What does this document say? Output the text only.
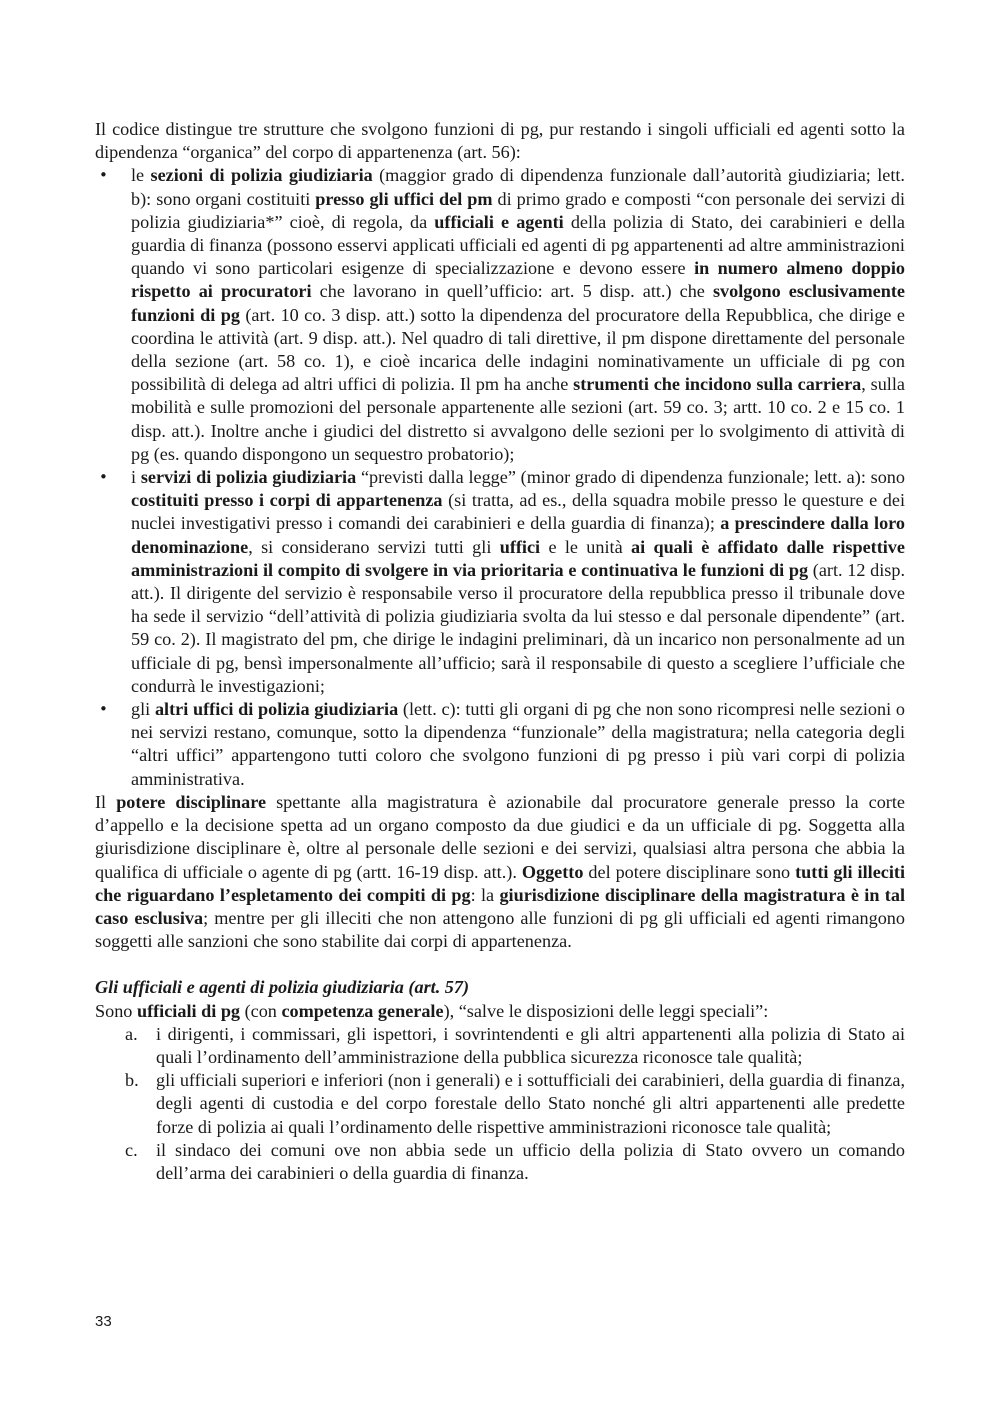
Il codice distingue tre strutture che svolgono funzioni di pg, pur restando i singoli ufficiali ed agenti sotto la dipendenza “organica” del corpo di appartenenza (art. 56):

• le sezioni di polizia giudiziaria (maggior grado di dipendenza funzionale dall’autorità giudiziaria; lett. b): sono organi costituiti presso gli uffici del pm di primo grado e composti “con personale dei servizi di polizia giudiziaria*” cioè, di regola, da ufficiali e agenti della polizia di Stato, dei carabinieri e della guardia di finanza (possono esservi applicati ufficiali ed agenti di pg appartenenti ad altre amministrazioni quando vi sono particolari esigenze di specializzazione e devono essere in numero almeno doppio rispetto ai procuratori che lavorano in quell’ufficio: art. 5 disp. att.) che svolgono esclusivamente funzioni di pg (art. 10 co. 3 disp. att.) sotto la dipendenza del procuratore della Repubblica, che dirige e coordina le attività (art. 9 disp. att.). Nel quadro di tali direttive, il pm dispone direttamente del personale della sezione (art. 58 co. 1), e cioè incarica delle indagini nominativamente un ufficiale di pg con possibilità di delega ad altri uffici di polizia. Il pm ha anche strumenti che incidono sulla carriera, sulla mobilità e sulle promozioni del personale appartenente alle sezioni (art. 59 co. 3; artt. 10 co. 2 e 15 co. 1 disp. att.). Inoltre anche i giudici del distretto si avvalgono delle sezioni per lo svolgimento di attività di pg (es. quando dispongono un sequestro probatorio);
• i servizi di polizia giudiziaria “previsti dalla legge” (minor grado di dipendenza funzionale; lett. a): sono costituiti presso i corpi di appartenenza (si tratta, ad es., della squadra mobile presso le questure e dei nuclei investigativi presso i comandi dei carabinieri e della guardia di finanza); a prescindere dalla loro denominazione, si considerano servizi tutti gli uffici e le unità ai quali è affidato dalle rispettive amministrazioni il compito di svolgere in via prioritaria e continuativa le funzioni di pg (art. 12 disp. att.). Il dirigente del servizio è responsabile verso il procuratore della repubblica presso il tribunale dove ha sede il servizio “dell’attività di polizia giudiziaria svolta da lui stesso e dal personale dipendente” (art. 59 co. 2). Il magistrato del pm, che dirige le indagini preliminari, dà un incarico non personalmente ad un ufficiale di pg, bensì impersonalmente all’ufficio; sarà il responsabile di questo a scegliere l’ufficiale che condurrà le investigazioni;
• gli altri uffici di polizia giudiziaria (lett. c): tutti gli organi di pg che non sono ricompresi nelle sezioni o nei servizi restano, comunque, sotto la dipendenza “funzionale” della magistratura; nella categoria degli “altri uffici” appartengono tutti coloro che svolgono funzioni di pg presso i più vari corpi di polizia amministrativa.

Il potere disciplinare spettante alla magistratura è azionabile dal procuratore generale presso la corte d’appello e la decisione spetta ad un organo composto da due giudici e da un ufficiale di pg. Soggetta alla giurisdizione disciplinare è, oltre al personale delle sezioni e dei servizi, qualsiasi altra persona che abbia la qualifica di ufficiale o agente di pg (artt. 16-19 disp. att.). Oggetto del potere disciplinare sono tutti gli illeciti che riguardano l’espletamento dei compiti di pg: la giurisdizione disciplinare della magistratura è in tal caso esclusiva; mentre per gli illeciti che non attengono alle funzioni di pg gli ufficiali ed agenti rimangono soggetti alle sanzioni che sono stabilite dai corpi di appartenenza.

Gli ufficiali e agenti di polizia giudiziaria (art. 57)

Sono ufficiali di pg (con competenza generale), “salve le disposizioni delle leggi speciali”:

a. i dirigenti, i commissari, gli ispettori, i sovrintendenti e gli altri appartenenti alla polizia di Stato ai quali l’ordinamento dell’amministrazione della pubblica sicurezza riconosce tale qualità;
b. gli ufficiali superiori e inferiori (non i generali) e i sottufficiali dei carabinieri, della guardia di finanza, degli agenti di custodia e del corpo forestale dello Stato nonché gli altri appartenenti alle predette forze di polizia ai quali l’ordinamento delle rispettive amministrazioni riconosce tale qualità;
c. il sindaco dei comuni ove non abbia sede un ufficio della polizia di Stato ovvero un comando dell’arma dei carabinieri o della guardia di finanza.
33
